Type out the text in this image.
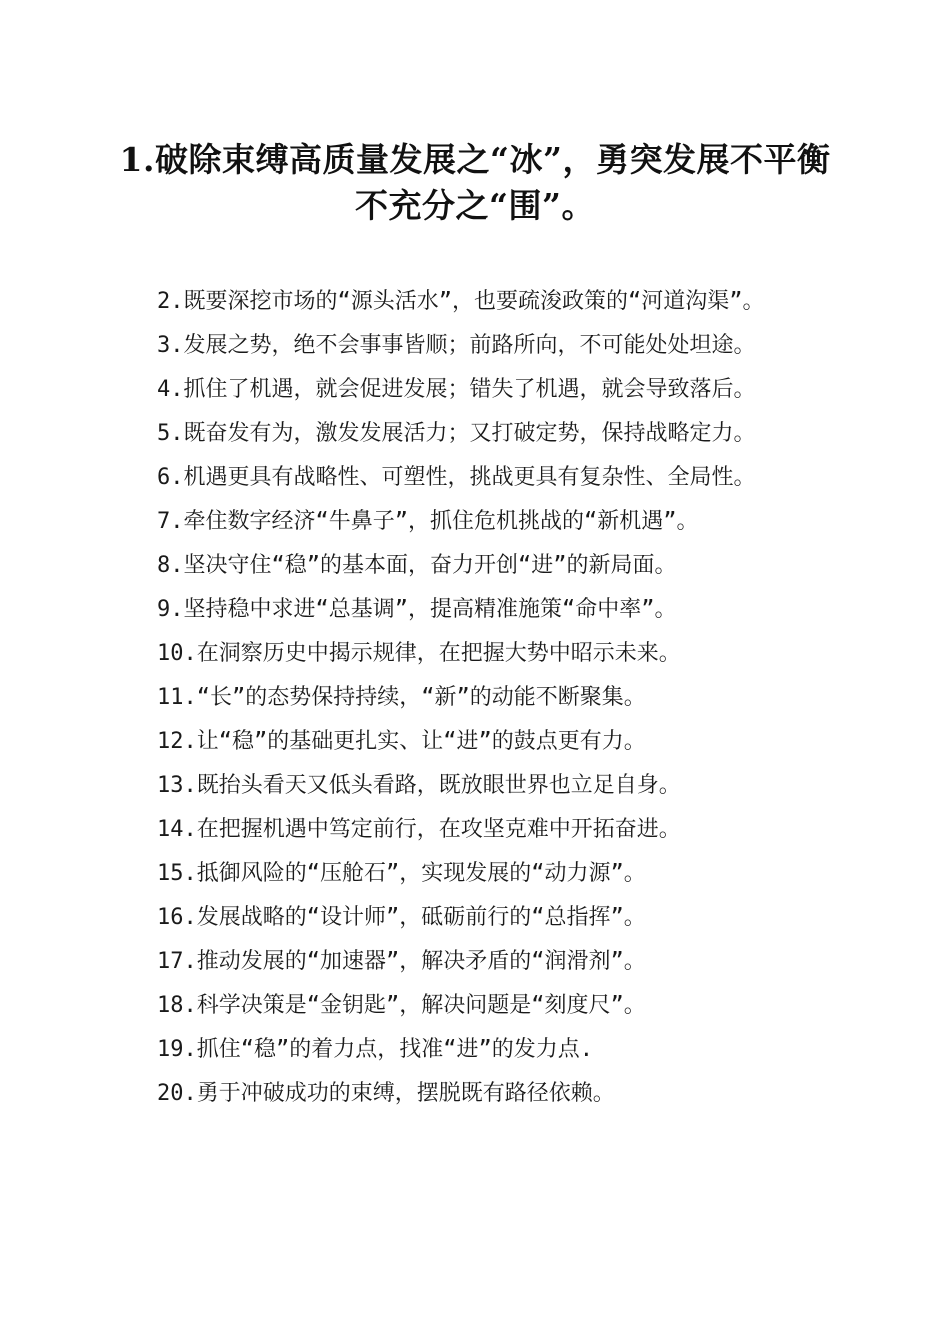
1.破除束缚高质量发展之“冰”，勇突发展不平衡不充分之“围”。
2.既要深挖市场的“源头活水”，也要疏浚政策的“河道沟渠”。
3.发展之势，绝不会事事皆顺；前路所向，不可能处处坦途。
4.抓住了机遇，就会促进发展；错失了机遇，就会导致落后。
5.既奋发有为，激发发展活力；又打破定势，保持战略定力。
6.机遇更具有战略性、可塑性，挑战更具有复杂性、全局性。
7.牵住数字经济“牛鼻子”，抓住危机挑战的“新机遇”。
8.坚决守住“稳”的基本面，奋力开创“进”的新局面。
9.坚持稳中求进“总基调”，提高精准施策“命中率”。
10.在洞察历史中揭示规律，在把握大势中昭示未来。
11.“长”的态势保持持续，“新”的动能不断聚集。
12.让“稳”的基础更扎实、让“进”的鼓点更有力。
13.既抬头看天又低头看路，既放眼世界也立足自身。
14.在把握机遇中笃定前行，在攻坚克难中开拓奋进。
15.抵御风险的“压舱石”，实现发展的“动力源”。
16.发展战略的“设计师”，砥砺前行的“总指挥”。
17.推动发展的“加速器”，解决矛盾的“润滑剂”。
18.科学决策是“金钥匙”，解决问题是“刻度尺”。
19.抓住“稳”的着力点，找准“进”的发力点.
20.勇于冲破成功的束缚，摆脱既有路径依赖。
